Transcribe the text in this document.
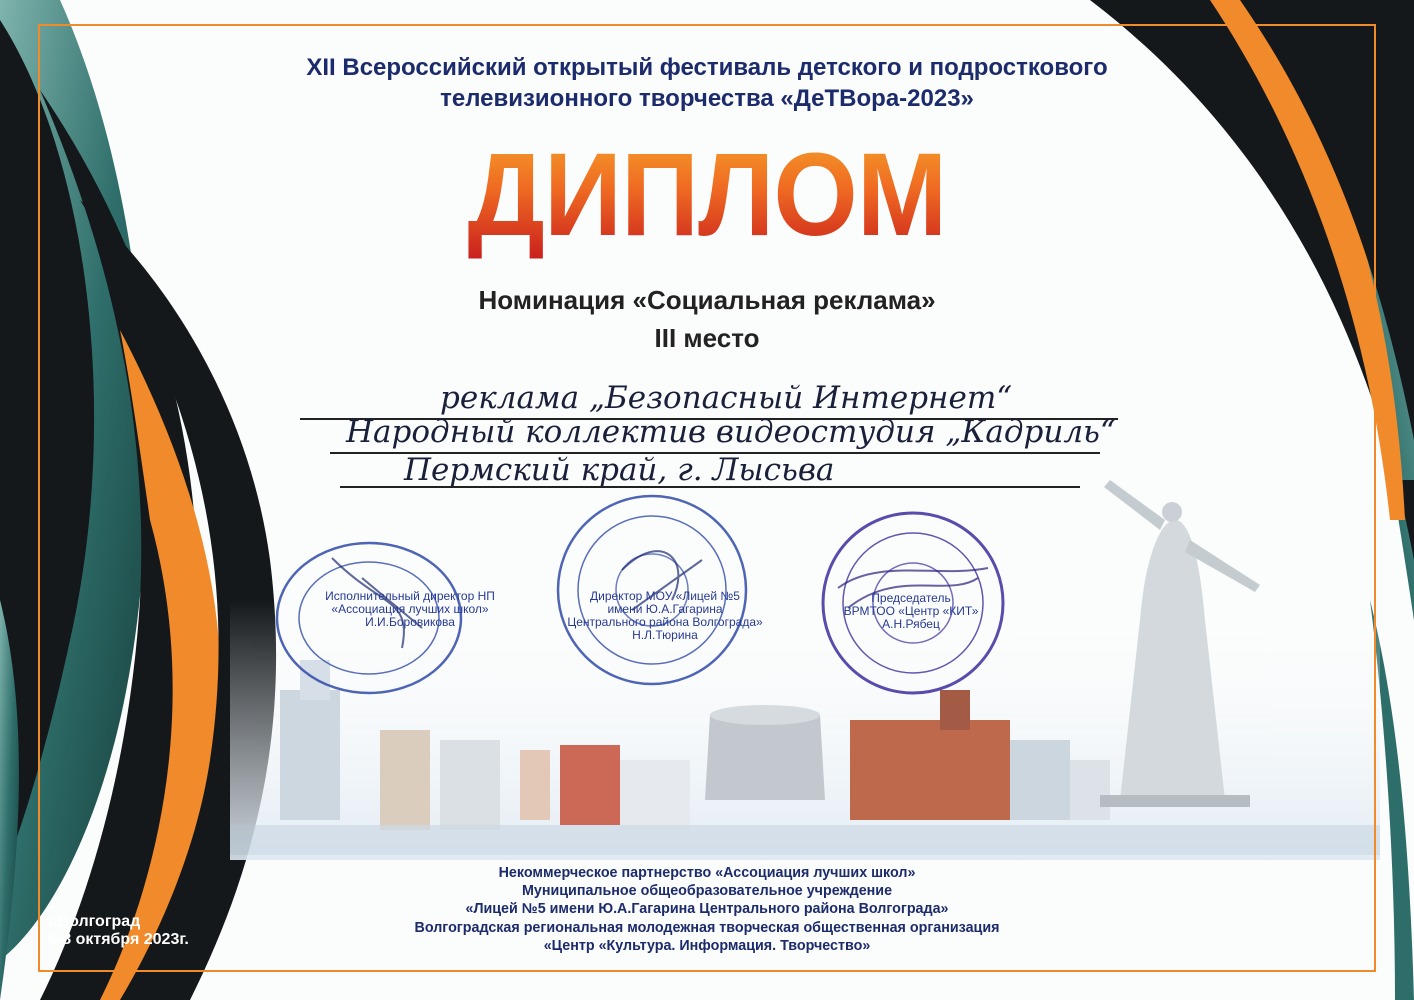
XII Всероссийский открытый фестиваль детского и подросткового
телевизионного творчества «ДеТВора-2023»
ДИПЛОМ
Номинация «Социальная реклама»
III место
реклама „Безопасный Интернет“
Народный коллектив видеостудия „Кадриль“
Пермский край, г. Лысьва
Исполнительный директор НП
«Ассоциация лучших школ»
И.И.Боровикова
Директор МОУ «Лицей №5
имени Ю.А.Гагарина
Центрального района Волгограда»
Н.Л.Тюрина
Председатель
ВРМТОО «Центр «КИТ»
А.Н.Рябец
Некоммерческое партнерство «Ассоциация лучших школ»
Муниципальное общеобразовательное учреждение
«Лицей №5 имени Ю.А.Гагарина Центрального района Волгограда»
Волгоградская региональная молодежная творческая общественная организация
«Центр «Культура. Информация. Творчество»
г.Волгоград
6-8 октября 2023г.
